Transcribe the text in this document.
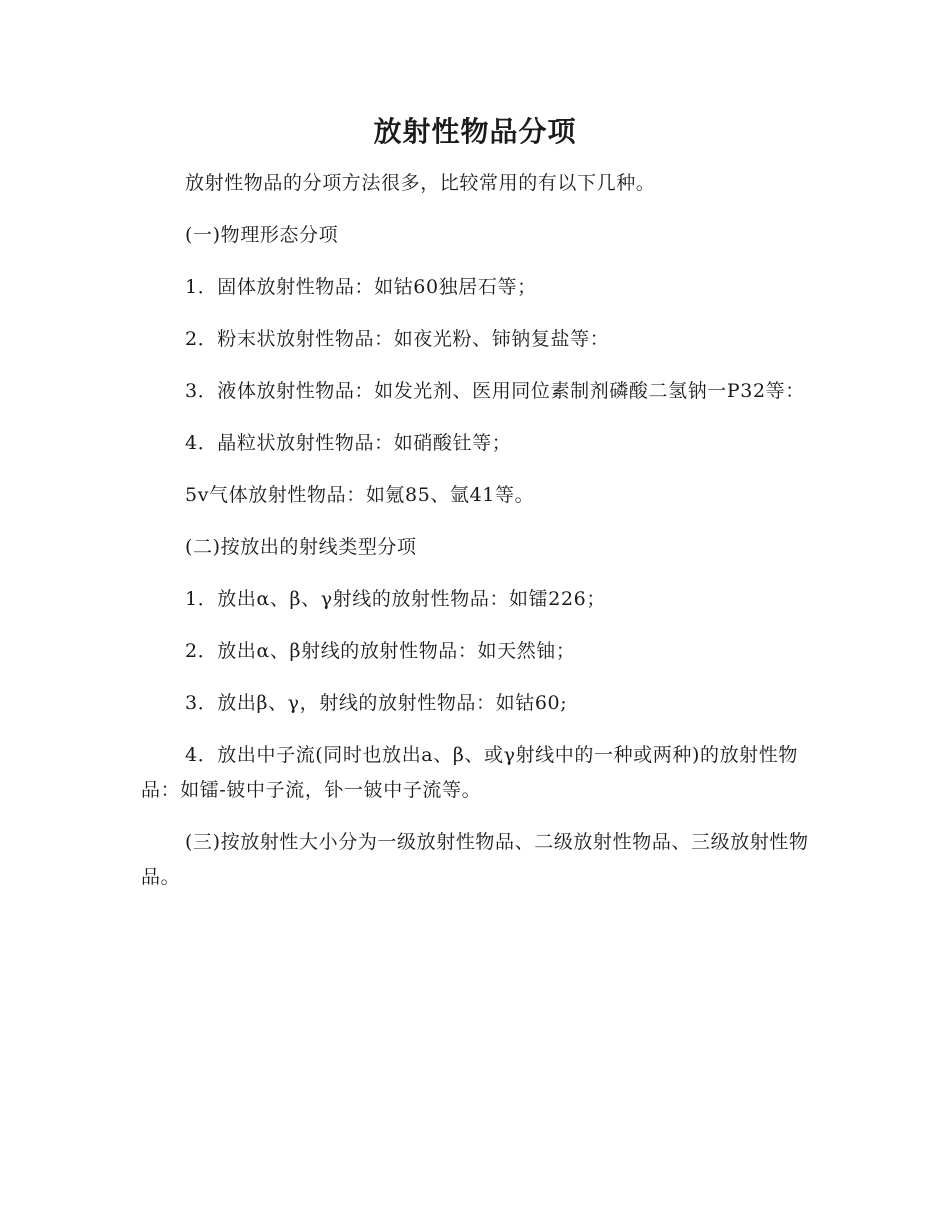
放射性物品分项

放射性物品的分项方法很多，比较常用的有以下几种。

(一)物理形态分项

1．固体放射性物品：如钴60独居石等；

2．粉末状放射性物品：如夜光粉、铈钠复盐等：

3．液体放射性物品：如发光剂、医用同位素制剂磷酸二氢钠一P32等：

4．晶粒状放射性物品：如硝酸钍等；

5v气体放射性物品：如氪85、氩41等。

(二)按放出的射线类型分项

1．放出α、β、γ射线的放射性物品：如镭226；

2．放出α、β射线的放射性物品：如天然铀；

3．放出β、γ，射线的放射性物品：如钴60;

4．放出中子流(同时也放出a、β、或γ射线中的一种或两种)的放射性物品：如镭-铍中子流，钋一铍中子流等。

(三)按放射性大小分为一级放射性物品、二级放射性物品、三级放射性物品。
